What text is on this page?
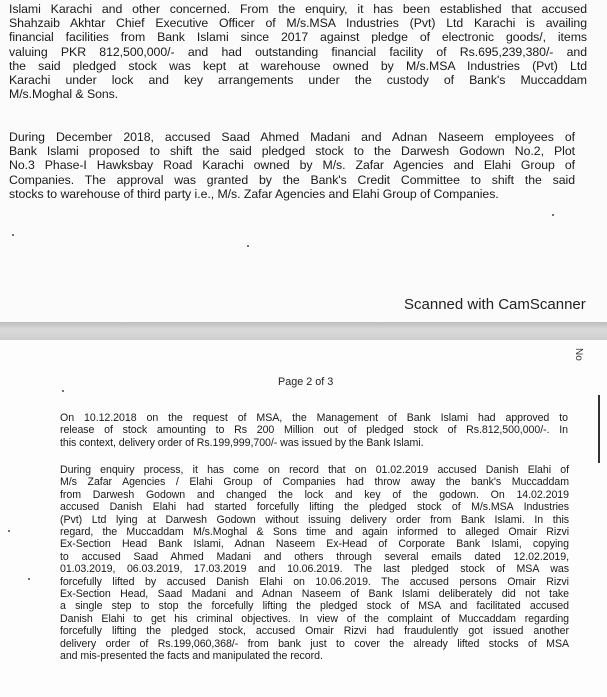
Islami Karachi and other concerned. From the enquiry, it has been established that accused
Shahzaib Akhtar Chief Executive Officer of M/s.MSA Industries (Pvt) Ltd Karachi is availing
financial facilities from Bank Islami since 2017 against pledge of electronic goods/, items
valuing PKR 812,500,000/- and had outstanding financial facility of Rs.695,239,380/- and
the said pledged stock was kept at warehouse owned by M/s.MSA Industries (Pvt) Ltd
Karachi under lock and key arrangements under the custody of Bank's Muccaddam
M/s.Moghal & Sons.

During December 2018, accused Saad Ahmed Madani and Adnan Naseem employees of
Bank Islami proposed to shift the said pledged stock to the Darwesh Godown No.2, Plot
No.3 Phase-I Hawksbay Road Karachi owned by M/s. Zafar Agencies and Elahi Group of
Companies. The approval was granted by the Bank's Credit Committee to shift the said
stocks to warehouse of third party i.e., M/s. Zafar Agencies and Elahi Group of Companies.

Scanned with CamScanner
No
Page 2 of 3

On 10.12.2018 on the request of MSA, the Management of Bank Islami had approved to
release of stock amounting to Rs 200 Million out of pledged stock of Rs.812,500,000/-. In
this context, delivery order of Rs.199,999,700/- was issued by the Bank Islami.

During enquiry process, it has come on record that on 01.02.2019 accused Danish Elahi of
M/s Zafar Agencies / Elahi Group of Companies had throw away the bank's Muccaddam
from Darwesh Godown and changed the lock and key of the godown. On 14.02.2019
accused Danish Elahi had started forcefully lifting the pledged stock of M/s.MSA Industries
(Pvt) Ltd lying at Darwesh Godown without issuing delivery order from Bank Islami. In this
regard, the Muccaddam M/s.Moghal & Sons time and again informed to alleged Omair Rizvi
Ex-Section Head Bank Islami, Adnan Naseem Ex-Head of Corporate Bank Islami, copying
to accused Saad Ahmed Madani and others through several emails dated 12.02.2019,
01.03.2019, 06.03.2019, 17.03.2019 and 10.06.2019. The last pledged stock of MSA was
forcefully lifted by accused Danish Elahi on 10.06.2019. The accused persons Omair Rizvi
Ex-Section Head, Saad Madani and Adnan Naseem of Bank Islami deliberately did not take
a single step to stop the forcefully lifting the pledged stock of MSA and facilitated accused
Danish Elahi to get his criminal objectives. In view of the complaint of Muccaddam regarding
forcefully lifting the pledged stock, accused Omair Rizvi had fraudulently got issued another
delivery order of Rs.199,060,368/- from bank just to cover the already lifted stocks of MSA
and mis-presented the facts and manipulated the record.
